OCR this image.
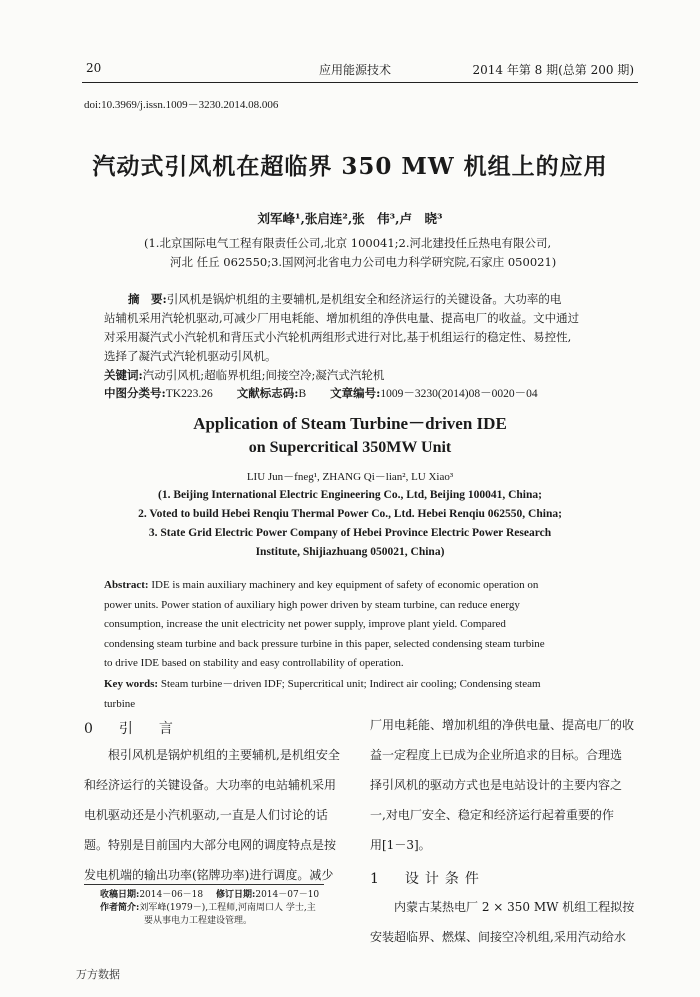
20	应用能源技术	2014 年第 8 期(总第 200 期)
doi:10.3969/j.issn.1009－3230.2014.08.006
汽动式引风机在超临界 350 MW 机组上的应用
刘军峰¹,张启连²,张　伟³,卢　晓³
(1.北京国际电气工程有限责任公司,北京 100041;2.河北建投任丘热电有限公司,
河北 任丘 062550;3.国网河北省电力公司电力科学研究院,石家庄 050021)
摘　要:引风机是锅炉机组的主要辅机,是机组安全和经济运行的关键设备。大功率的电
站辅机采用汽轮机驱动,可减少厂用电耗能、增加机组的净供电量、提高电厂的收益。文中通过
对采用凝汽式小汽轮机和背压式小汽轮机两组形式进行对比,基于机组运行的稳定性、易控性,
选择了凝汽式汽轮机驱动引风机。
关键词:汽动引风机;超临界机组;间接空冷;凝汽式汽轮机
中图分类号:TK223.26 文献标志码:B 文章编号:1009－3230(2014)08－0020－04
Application of Steam Turbine－driven IDE
on Supercritical 350MW Unit
LIU Jun－fneg¹, ZHANG Qi－lian², LU Xiao³
(1. Beijing International Electric Engineering Co., Ltd, Beijing 100041, China;
2. Voted to build Hebei Renqiu Thermal Power Co., Ltd. Hebei Renqiu 062550, China;
3. State Grid Electric Power Company of Hebei Province Electric Power Research
Institute, Shijiazhuang 050021, China)
Abstract: IDE is main auxiliary machinery and key equipment of safety of economic operation on
power units. Power station of auxiliary high power driven by steam turbine, can reduce energy
consumption, increase the unit electricity net power supply, improve plant yield. Compared
condensing steam turbine and back pressure turbine in this paper, selected condensing steam turbine
to drive IDE based on stability and easy controllability of operation.
Key words: Steam turbine－driven IDF; Supercritical unit; Indirect air cooling; Condensing steam
turbine
0　引　言
　　根引风机是锅炉机组的主要辅机,是机组安全
和经济运行的关键设备。大功率的电站辅机采用
电机驱动还是小汽机驱动,一直是人们讨论的话
题。特别是目前国内大部分电网的调度特点是按
发电机端的输出功率(铭牌功率)进行调度。减少
收稿日期:2014－06－18 修订日期:2014－07－10
作者简介:刘军峰(1979－),工程师,河南周口人 学士,主
要从事电力工程建设管理。
厂用电耗能、增加机组的净供电量、提高电厂的收
益一定程度上已成为企业所追求的目标。合理选
择引风机的驱动方式也是电站设计的主要内容之
一,对电厂安全、稳定和经济运行起着重要的作
用[1－3]。
1　设计条件
　　内蒙古某热电厂 2 × 350 MW 机组工程拟按
安装超临界、燃煤、间接空冷机组,采用汽动给水
万方数据
